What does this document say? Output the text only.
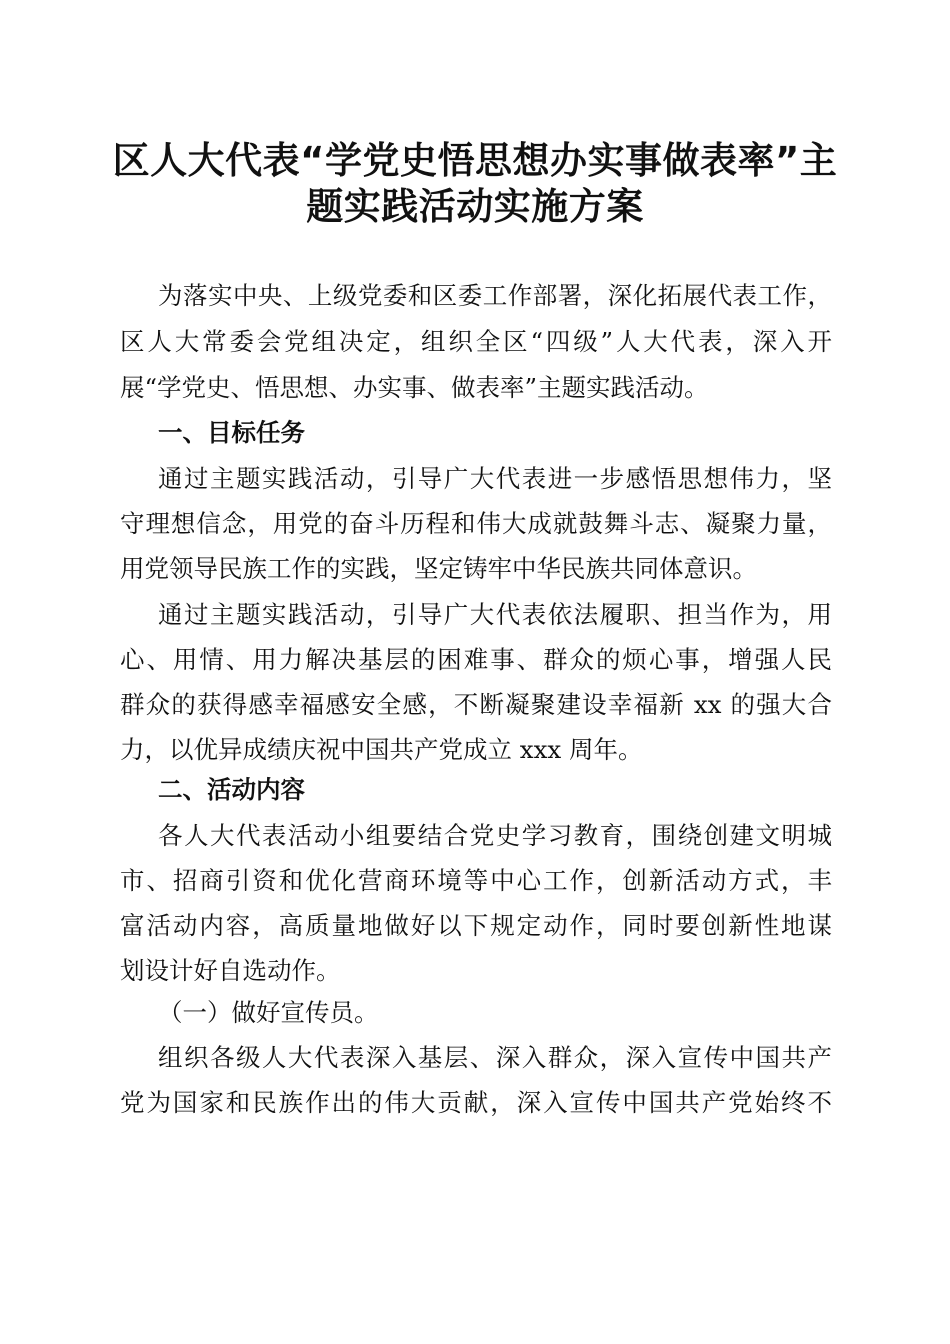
区人大代表“学党史悟思想办实事做表率”主
题实践活动实施方案
为落实中央、上级党委和区委工作部署，深化拓展代表工作，
区人大常委会党组决定，组织全区“四级”人大代表，深入开
展“学党史、悟思想、办实事、做表率”主题实践活动。
一、目标任务
通过主题实践活动，引导广大代表进一步感悟思想伟力，坚
守理想信念，用党的奋斗历程和伟大成就鼓舞斗志、凝聚力量，
用党领导民族工作的实践，坚定铸牢中华民族共同体意识。
通过主题实践活动，引导广大代表依法履职、担当作为，用
心、用情、用力解决基层的困难事、群众的烦心事，增强人民
群众的获得感幸福感安全感，不断凝聚建设幸福新 xx 的强大合
力，以优异成绩庆祝中国共产党成立 xxx 周年。
二、活动内容
各人大代表活动小组要结合党史学习教育，围绕创建文明城
市、招商引资和优化营商环境等中心工作，创新活动方式，丰
富活动内容，高质量地做好以下规定动作，同时要创新性地谋
划设计好自选动作。
（一）做好宣传员。
组织各级人大代表深入基层、深入群众，深入宣传中国共产
党为国家和民族作出的伟大贡献，深入宣传中国共产党始终不
